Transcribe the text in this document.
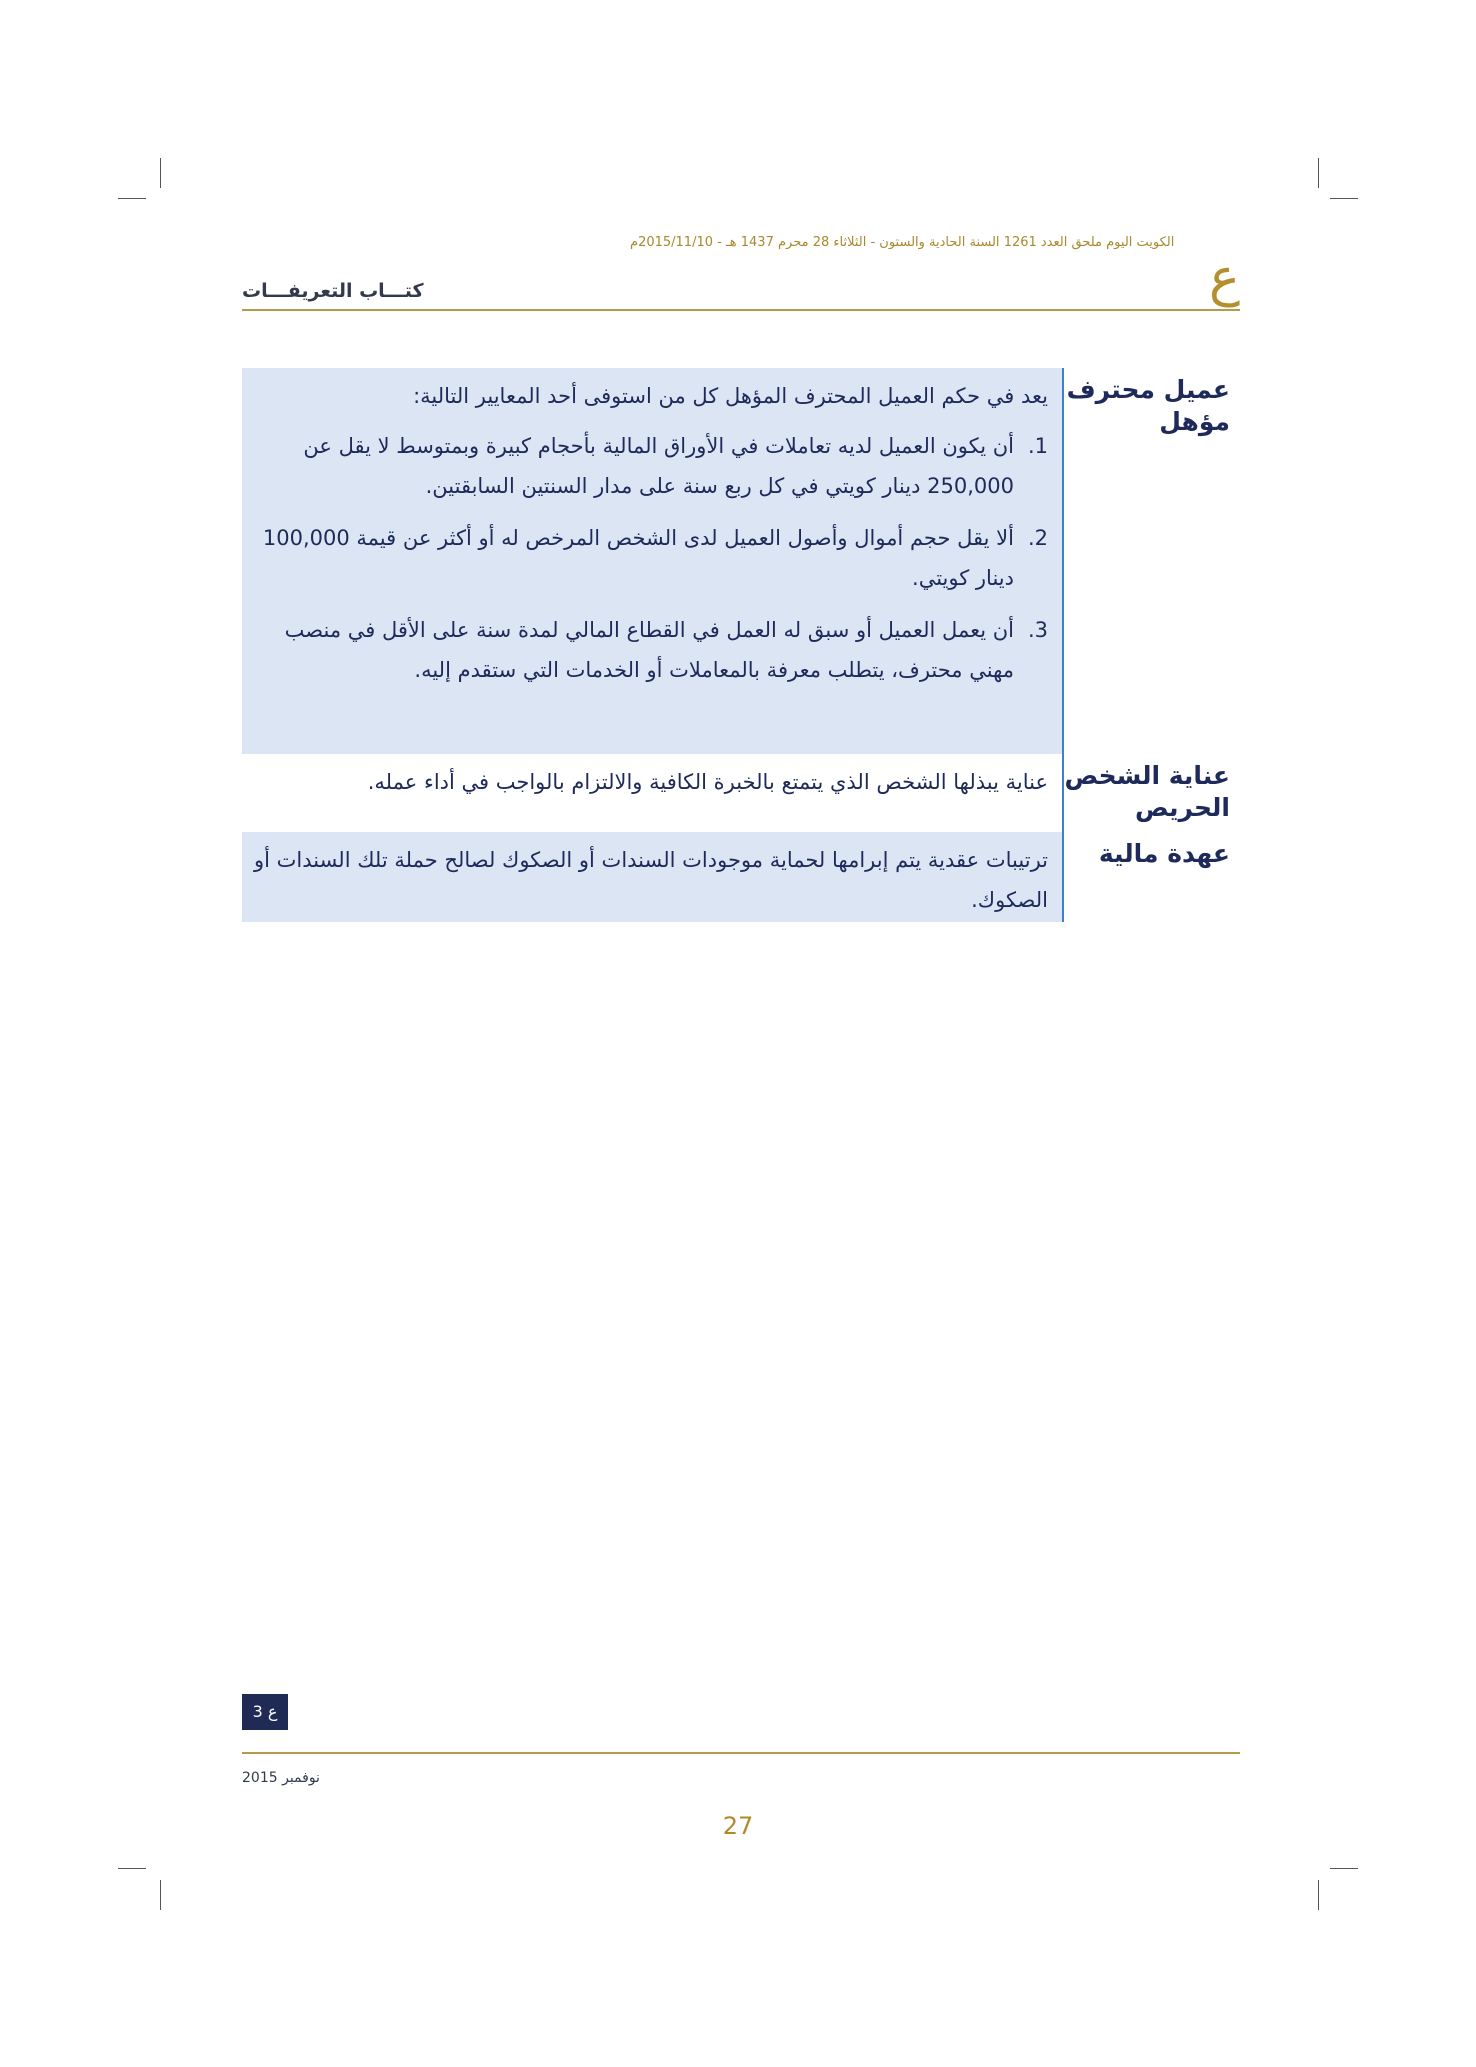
الكويت اليوم ملحق العدد 1261 السنة الحادية والستون - الثلاثاء 28 محرم 1437 هـ - 2015/11/10م
كتـــاب التعريفـــات	ع
عميل محترف
مؤهل
يعد في حكم العميل المحترف المؤهل كل من استوفى أحد المعايير التالية:
1.
أن يكون العميل لديه تعاملات في الأوراق المالية بأحجام كبيرة وبمتوسط لا يقل عن 250,000 دينار كويتي في كل ربع سنة على مدار السنتين السابقتين.
2.
ألا يقل حجم أموال وأصول العميل لدى الشخص المرخص له أو أكثر عن قيمة 100,000 دينار كويتي.
3.
أن يعمل العميل أو سبق له العمل في القطاع المالي لمدة سنة على الأقل في منصب مهني محترف، يتطلب معرفة بالمعاملات أو الخدمات التي ستقدم إليه.
عناية الشخص
الحريص
عناية يبذلها الشخص الذي يتمتع بالخبرة الكافية والالتزام بالواجب في أداء عمله.
عهدة مالية
ترتيبات عقدية يتم إبرامها لحماية موجودات السندات أو الصكوك لصالح حملة تلك السندات أو الصكوك.
ع 3
نوفمبر 2015
27
